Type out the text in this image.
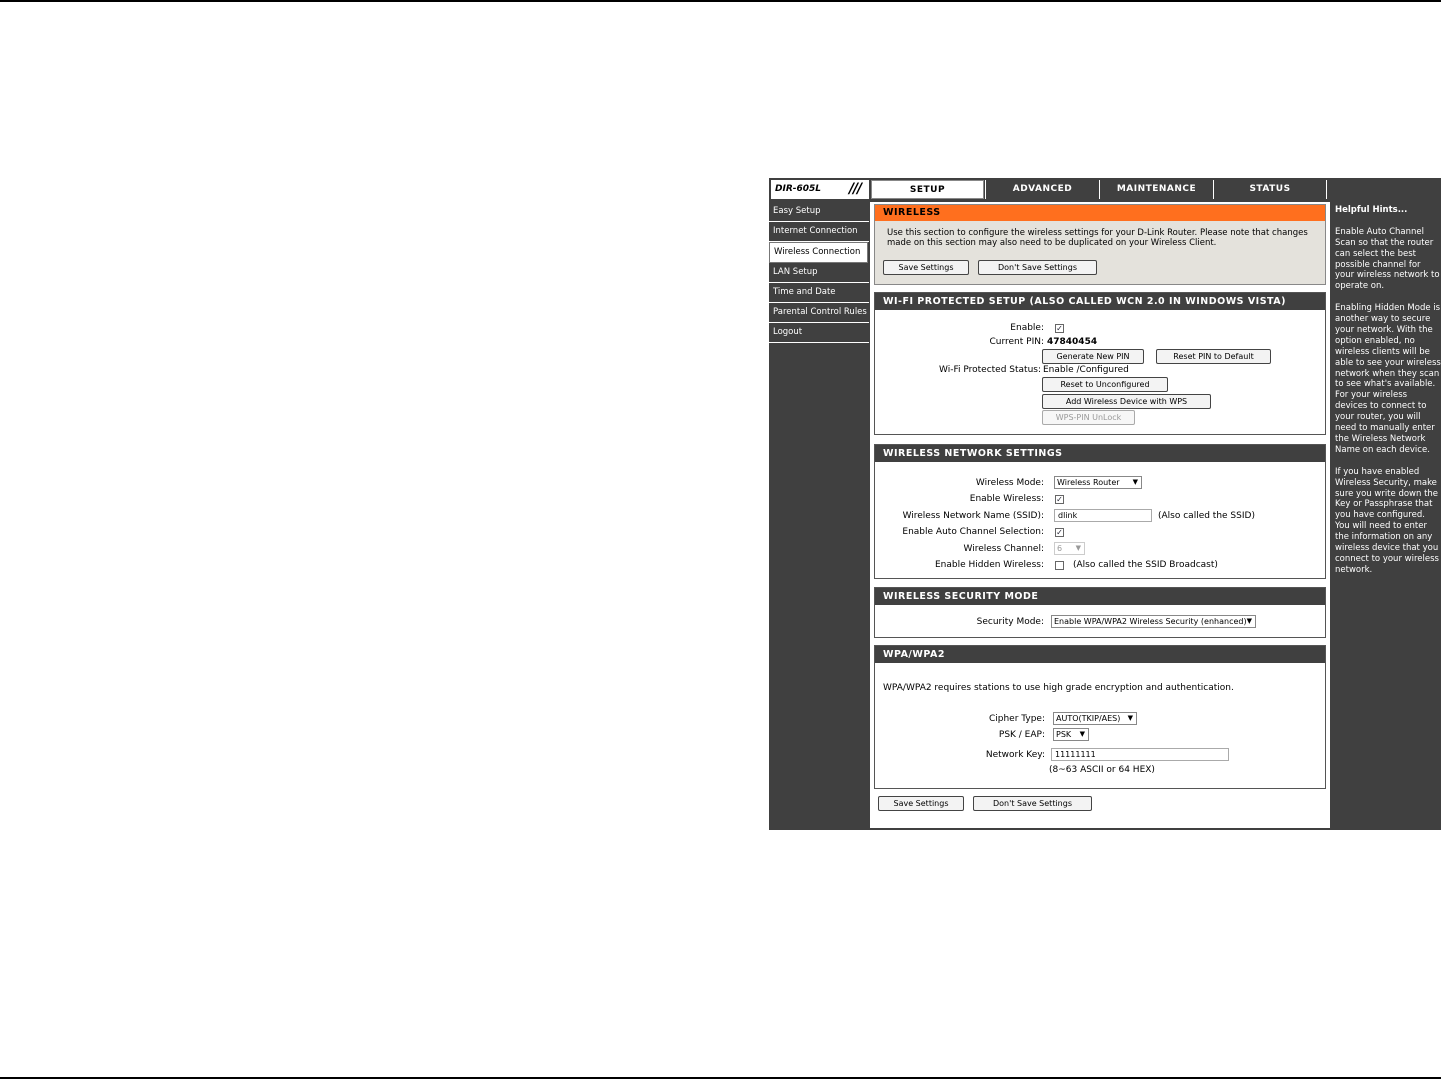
DIR-605L / / /	SETUP	ADVANCED	MAINTENANCE	STATUS
Easy Setup
Internet Connection
Wireless Connection
LAN Setup
Time and Date
Parental Control Rules
Logout
WIRELESS
Use this section to configure the wireless settings for your D-Link Router. Please note that changes made on this section may also need to be duplicated on your Wireless Client.
Save Settings	Don't Save Settings
WI-FI PROTECTED SETUP (ALSO CALLED WCN 2.0 IN WINDOWS VISTA)
Enable: ✓
Current PIN: 47840454
Generate New PIN	Reset PIN to Default
Wi-Fi Protected Status: Enable /Configured
Reset to Unconfigured
Add Wireless Device with WPS
WPS-PIN UnLock
WIRELESS NETWORK SETTINGS
Wireless Mode:	Wireless Router ▼
Enable Wireless: ✓
Wireless Network Name (SSID):	dlink	(Also called the SSID)
Enable Auto Channel Selection: ✓
Wireless Channel:	6 ▼
Enable Hidden Wireless:	(Also called the SSID Broadcast)
WIRELESS SECURITY MODE
Security Mode:	Enable WPA/WPA2 Wireless Security (enhanced) ▼
WPA/WPA2
WPA/WPA2 requires stations to use high grade encryption and authentication.
Cipher Type:	AUTO(TKIP/AES) ▼
PSK / EAP:	PSK ▼
Network Key:	11111111
(8~63 ASCII or 64 HEX)
Save Settings	Don't Save Settings

Helpful Hints...

Enable Auto Channel Scan so that the router can select the best possible channel for your wireless network to operate on.

Enabling Hidden Mode is another way to secure your network. With the option enabled, no wireless clients will be able to see your wireless network when they scan to see what's available. For your wireless devices to connect to your router, you will need to manually enter the Wireless Network Name on each device.

If you have enabled Wireless Security, make sure you write down the Key or Passphrase that you have configured. You will need to enter the information on any wireless device that you connect to your wireless network.
